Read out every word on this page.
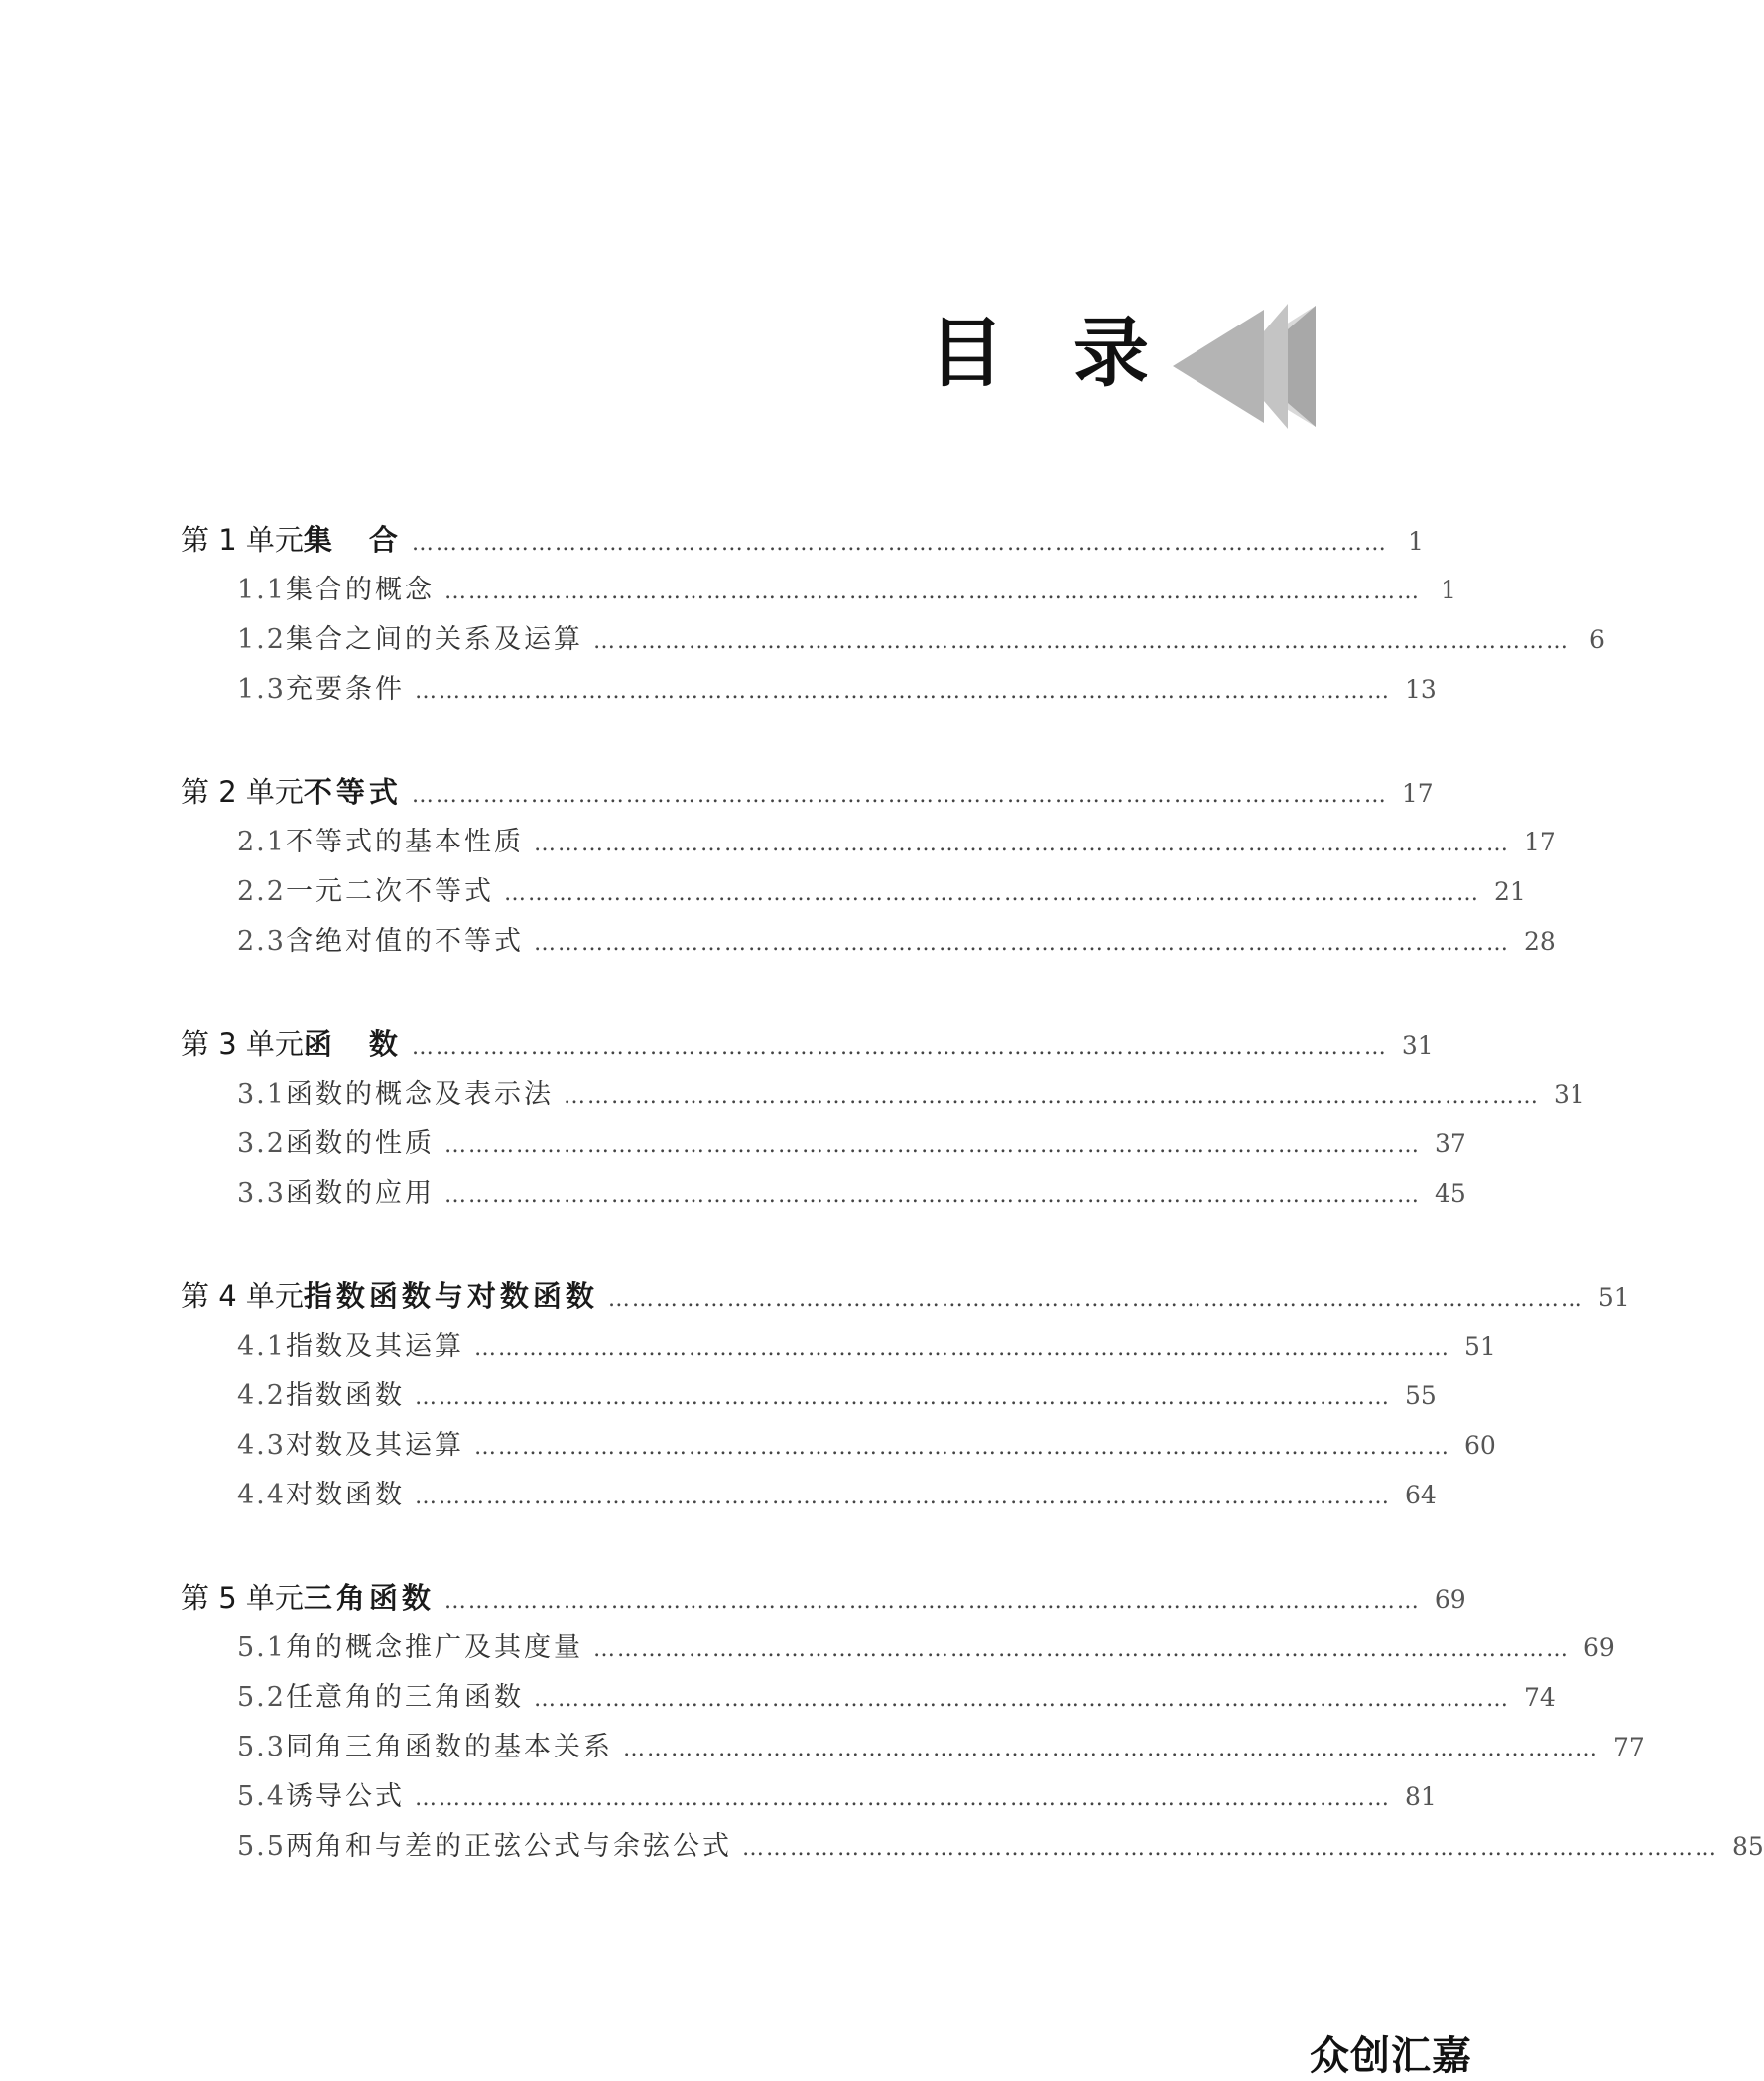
目 录
第 1 单元 集　合 …………………………………………………………………………………………………………… 1
1.1 集合的概念 …………………………………………………………………………………………………………… 1
1.2 集合之间的关系及运算 …………………………………………………………………………………………………………… 6
1.3 充要条件 …………………………………………………………………………………………………………… 13
第 2 单元 不等式 …………………………………………………………………………………………………………… 17
2.1 不等式的基本性质 …………………………………………………………………………………………………………… 17
2.2 一元二次不等式 …………………………………………………………………………………………………………… 21
2.3 含绝对值的不等式 …………………………………………………………………………………………………………… 28
第 3 单元 函　数 …………………………………………………………………………………………………………… 31
3.1 函数的概念及表示法 …………………………………………………………………………………………………………… 31
3.2 函数的性质 …………………………………………………………………………………………………………… 37
3.3 函数的应用 …………………………………………………………………………………………………………… 45
第 4 单元 指数函数与对数函数 …………………………………………………………………………………………………………… 51
4.1 指数及其运算 …………………………………………………………………………………………………………… 51
4.2 指数函数 …………………………………………………………………………………………………………… 55
4.3 对数及其运算 …………………………………………………………………………………………………………… 60
4.4 对数函数 …………………………………………………………………………………………………………… 64
第 5 单元 三角函数 …………………………………………………………………………………………………………… 69
5.1 角的概念推广及其度量 …………………………………………………………………………………………………………… 69
5.2 任意角的三角函数 …………………………………………………………………………………………………………… 74
5.3 同角三角函数的基本关系 …………………………………………………………………………………………………………… 77
5.4 诱导公式 …………………………………………………………………………………………………………… 81
5.5 两角和与差的正弦公式与余弦公式 …………………………………………………………………………………………………………… 85
众创汇嘉
